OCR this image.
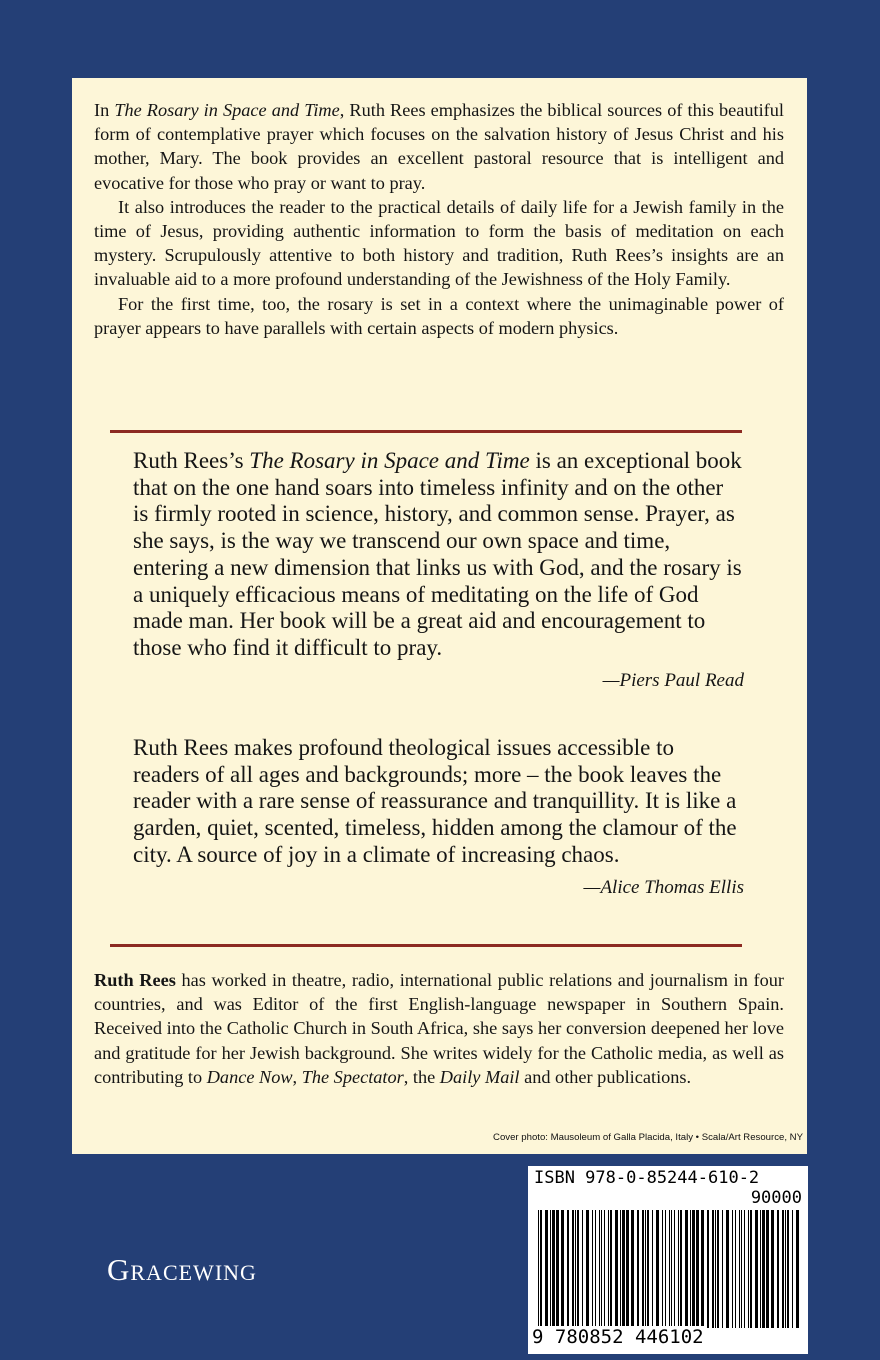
In The Rosary in Space and Time, Ruth Rees emphasizes the biblical sources of this beautiful form of contemplative prayer which focuses on the salvation history of Jesus Christ and his mother, Mary. The book provides an excellent pastoral resource that is intelligent and evocative for those who pray or want to pray.

It also introduces the reader to the practical details of daily life for a Jewish family in the time of Jesus, providing authentic information to form the basis of meditation on each mystery. Scrupulously attentive to both history and tradition, Ruth Rees’s insights are an invaluable aid to a more profound understanding of the Jewishness of the Holy Family.

For the first time, too, the rosary is set in a context where the unimaginable power of prayer appears to have parallels with certain aspects of modern physics.

Ruth Rees’s The Rosary in Space and Time is an exceptional book that on the one hand soars into timeless infinity and on the other is firmly rooted in science, history, and common sense. Prayer, as she says, is the way we transcend our own space and time, entering a new dimension that links us with God, and the rosary is a uniquely efficacious means of meditating on the life of God made man. Her book will be a great aid and encouragement to those who find it difficult to pray.

—Piers Paul Read

Ruth Rees makes profound theological issues accessible to readers of all ages and backgrounds; more – the book leaves the reader with a rare sense of reassurance and tranquillity. It is like a garden, quiet, scented, timeless, hidden among the clamour of the city. A source of joy in a climate of increasing chaos.

—Alice Thomas Ellis

Ruth Rees has worked in theatre, radio, international public relations and journalism in four countries, and was Editor of the first English-language newspaper in Southern Spain. Received into the Catholic Church in South Africa, she says her conversion deepened her love and gratitude for her Jewish background. She writes widely for the Catholic media, as well as contributing to Dance Now, The Spectator, the Daily Mail and other publications.

Cover photo: Mausoleum of Galla Placida, Italy • Scala/Art Resource, NY
Gracewing
ISBN 978-0-85244-610-2
90000
9 780852 446102
